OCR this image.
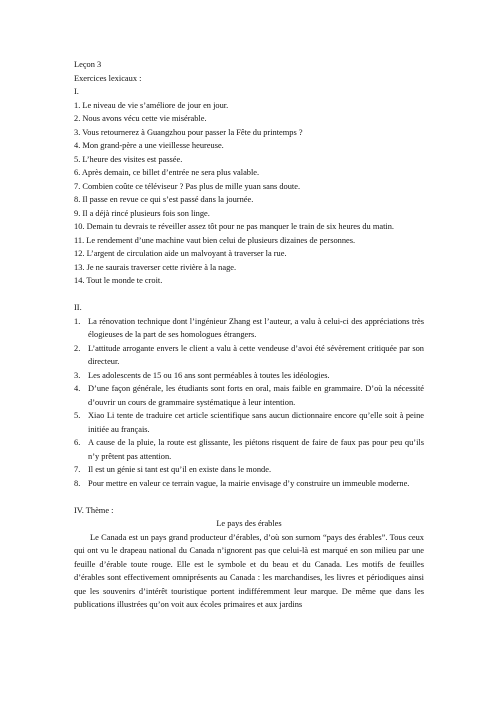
Leçon 3
Exercices lexicaux :
I.
1. Le niveau de vie s’améliore de jour en jour.
2. Nous avons vécu cette vie misérable.
3. Vous retournerez à Guangzhou pour passer la Fête du printemps ?
4. Mon grand-père a une vieillesse heureuse.
5. L’heure des visites est passée.
6. Après demain, ce billet d’entrée ne sera plus valable.
7. Combien coûte ce téléviseur ? Pas plus de mille yuan sans doute.
8. Il passe en revue ce qui s’est passé dans la journée.
9. Il a déjà rincé plusieurs fois son linge.
10. Demain tu devrais te réveiller assez tôt pour ne pas manquer le train de six heures du matin.
11. Le rendement d’une machine vaut bien celui de plusieurs dizaines de personnes.
12. L’argent de circulation aide un malvoyant à traverser la rue.
13. Je ne saurais traverser cette rivière à la nage.
14. Tout le monde te croit.
II.
1. La rénovation technique dont l’ingénieur Zhang est l’auteur, a valu à celui-ci des appréciations très élogieuses de la part de ses homologues étrangers.
2. L’attitude arrogante envers le client a valu à cette vendeuse d’avoi été sévèrement critiquée par son directeur.
3. Les adolescents de 15 ou 16 ans sont perméables à toutes les idéologies.
4. D’une façon générale, les étudiants sont forts en oral, mais faible en grammaire. D’où la nécessité d’ouvrir un cours de grammaire systématique à leur intention.
5. Xiao Li tente de traduire cet article scientifique sans aucun dictionnaire encore qu’elle soit à peine initiée au français.
6. A cause de la pluie, la route est glissante, les piétons risquent de faire de faux pas pour peu qu’ils n’y prêtent pas attention.
7. Il est un génie si tant est qu’il en existe dans le monde.
8. Pour mettre en valeur ce terrain vague, la mairie envisage d’y construire un immeuble moderne.
IV. Thème :
Le pays des érables
Le Canada est un pays grand producteur d’érables, d’où son surnom “pays des érables”. Tous ceux qui ont vu le drapeau national du Canada n’ignorent pas que celui-là est marqué en son milieu par une feuille d’érable toute rouge. Elle est le symbole et du beau et du Canada. Les motifs de feuilles d’érables sont effectivement omniprésents au Canada : les marchandises, les livres et périodiques ainsi que les souvenirs d’intérêt touristique portent indifféremment leur marque. De même que dans les publications illustrées qu’on voit aux écoles primaires et aux jardins
